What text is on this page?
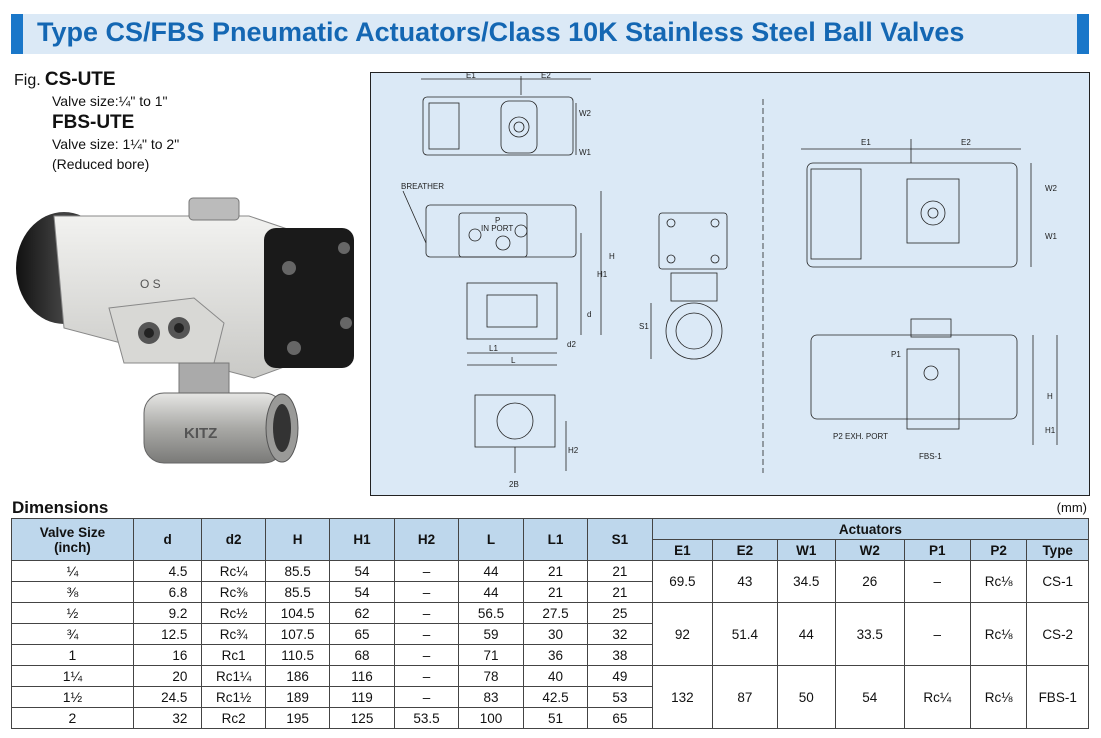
Type CS/FBS Pneumatic Actuators/Class 10K Stainless Steel Ball Valves
Fig. CS-UTE
Valve size:¼" to 1"
FBS-UTE
Valve size: 1¼" to 2"
(Reduced bore)
O S
KITZ
E1	E2
W2
W1
BREATHER
P
IN PORT
H
H1
d
d2
L1
L
S1
H2
2B
E1	E2
W2
W1
P1
P2 EXH. PORT
FBS-1
H
H1
Dimensions	(mm)
Valve Size
(inch)	d	d2	H	H1	H2	L	L1	S1	Actuators						
									E1	E2	W1	W2	P1	P2	Type
¼	4.5	Rc¼	85.5	54	–	44	21	21	69.5	43	34.5	26	–	Rc⅛	CS-1
⅜	6.8	Rc⅜	85.5	54	–	44	21	21							
½	9.2	Rc½	104.5	62	–	56.5	27.5	25	92	51.4	44	33.5	–	Rc⅛	CS-2
¾	12.5	Rc¾	107.5	65	–	59	30	32							
1	16	Rc1	110.5	68	–	71	36	38							
1¼	20	Rc1¼	186	116	–	78	40	49	132	87	50	54	Rc¼	Rc⅛	FBS-1
1½	24.5	Rc1½	189	119	–	83	42.5	53							
2	32	Rc2	195	125	53.5	100	51	65							
